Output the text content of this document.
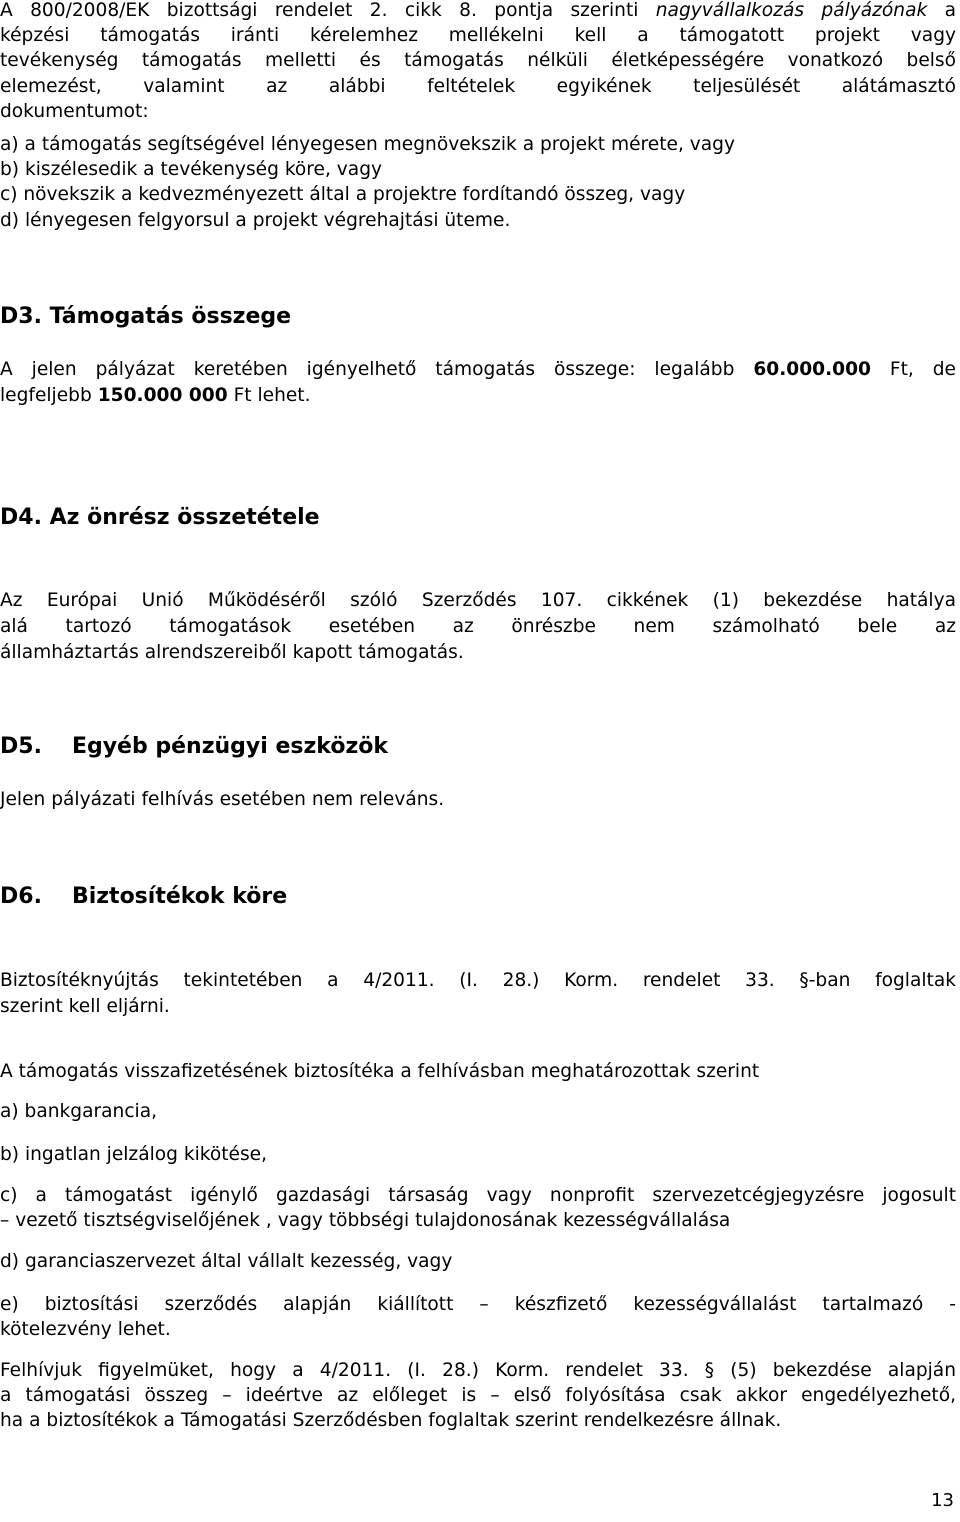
A 800/2008/EK bizottsági rendelet 2. cikk 8. pontja szerinti nagyvállalkozás pályázónak a
képzési támogatás iránti kérelemhez mellékelni kell a támogatott projekt vagy
tevékenység támogatás melletti és támogatás nélküli életképességére vonatkozó belső
elemezést, valamint az alábbi feltételek egyikének teljesülését alátámasztó
dokumentumot:
a) a támogatás segítségével lényegesen megnövekszik a projekt mérete, vagy
b) kiszélesedik a tevékenység köre, vagy
c) növekszik a kedvezményezett által a projektre fordítandó összeg, vagy
d) lényegesen felgyorsul a projekt végrehajtási üteme.
D3. Támogatás összege
A jelen pályázat keretében igényelhető támogatás összege: legalább 60.000.000 Ft, de
legfeljebb 150.000 000 Ft lehet.
D4. Az önrész összetétele
Az Európai Unió Működéséről szóló Szerződés 107. cikkének (1) bekezdése hatálya
alá tartozó támogatások esetében az önrészbe nem számolható bele az
államháztartás alrendszereiből kapott támogatás.
D5. Egyéb pénzügyi eszközök
Jelen pályázati felhívás esetében nem releváns.
D6. Biztosítékok köre
Biztosítéknyújtás tekintetében a 4/2011. (I. 28.) Korm. rendelet 33. §-ban foglaltak
szerint kell eljárni.
A támogatás visszafizetésének biztosítéka a felhívásban meghatározottak szerint
a) bankgarancia,
b) ingatlan jelzálog kikötése,
c) a támogatást igénylő gazdasági társaság vagy nonprofit szervezetcégjegyzésre jogosult
– vezető tisztségviselőjének , vagy többségi tulajdonosának kezességvállalása
d) garanciaszervezet által vállalt kezesség, vagy
e) biztosítási szerződés alapján kiállított – készfizető kezességvállalást tartalmazó -
kötelezvény lehet.
Felhívjuk figyelmüket, hogy a 4/2011. (I. 28.) Korm. rendelet 33. § (5) bekezdése alapján
a támogatási összeg – ideértve az előleget is – első folyósítása csak akkor engedélyezhető,
ha a biztosítékok a Támogatási Szerződésben foglaltak szerint rendelkezésre állnak.
13
